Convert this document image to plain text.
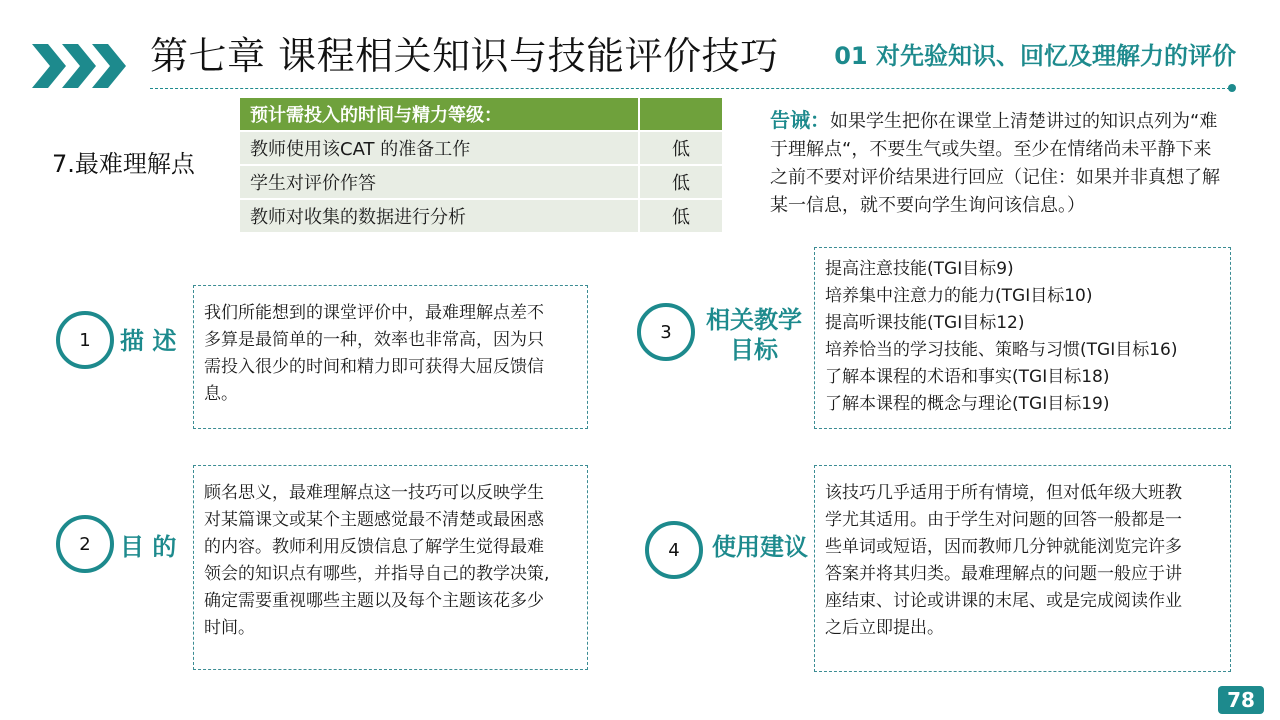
第七章 课程相关知识与技能评价技巧 01 对先验知识、回忆及理解力的评价
7.最难理解点
预计需投入的时间与精力等级：	
教师使用该CAT 的准备工作	低
学生对评价作答	低
教师对收集的数据进行分析	低
告诫：如果学生把你在课堂上清楚讲过的知识点列为“难于理解点“，不要生气或失望。至少在情绪尚未平静下来之前不要对评价结果进行回应（记住：如果并非真想了解某一信息，就不要向学生询问该信息。）
1	描 述
我们所能想到的课堂评价中，最难理解点差不
多算是最简单的一种，效率也非常高，因为只
需投入很少的时间和精力即可获得大屈反馈信
息。
2	目 的
顾名思义，最难理解点这一技巧可以反映学生
对某篇课文或某个主题感觉最不清楚或最困惑
的内容。教师利用反馈信息了解学生觉得最难
领会的知识点有哪些，并指导自己的教学决策,
确定需要重视哪些主题以及每个主题该花多少
时间。
3	相关教学
目标
提高注意技能(TGI目标9)
培养集中注意力的能力(TGI目标10)
提高听课技能(TGI目标12)
培养恰当的学习技能、策略与习惯(TGI目标16)
了解本课程的术语和事实(TGI目标18)
了解本课程的概念与理论(TGI目标19)
4	使用建议
该技巧几乎适用于所有情境，但对低年级大班教
学尤其适用。由于学生对问题的回答一般都是一
些单词或短语，因而教师几分钟就能浏览完许多
答案并将其归类。最难理解点的问题一般应于讲
座结束、讨论或讲课的末尾、或是完成阅读作业
之后立即提出。
78
